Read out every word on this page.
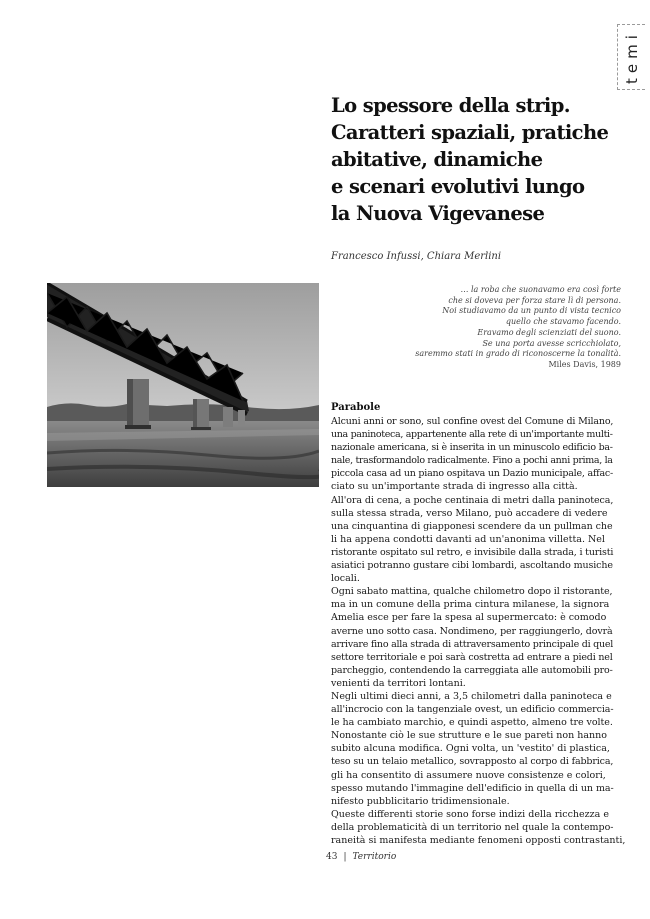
temi
Lo spessore della strip.
Caratteri spaziali, pratiche
abitative, dinamiche
e scenari evolutivi lungo
la Nuova Vigevanese
Francesco Infussi, Chiara Merlini
… la roba che suonavamo era così forte
che si doveva per forza stare lì di persona.
Noi studiavamo da un punto di vista tecnico
quello che stavamo facendo.
Eravamo degli scienziati del suono.
Se una porta avesse scricchiolato,
saremmo stati in grado di riconoscerne la tonalità.
Miles Davis, 1989
Parabole
Alcuni anni or sono, sul confine ovest del Comune di Milano,
una paninoteca, appartenente alla rete di un'importante multi-
nazionale americana, si è inserita in un minuscolo edificio ba-
nale, trasformandolo radicalmente. Fino a pochi anni prima, la
piccola casa ad un piano ospitava un Dazio municipale, affac-
ciato su un'importante strada di ingresso alla città.
All'ora di cena, a poche centinaia di metri dalla paninoteca,
sulla stessa strada, verso Milano, può accadere di vedere
una cinquantina di giapponesi scendere da un pullman che
li ha appena condotti davanti ad un'anonima villetta. Nel
ristorante ospitato sul retro, e invisibile dalla strada, i turisti
asiatici potranno gustare cibi lombardi, ascoltando musiche
locali.
Ogni sabato mattina, qualche chilometro dopo il ristorante,
ma in un comune della prima cintura milanese, la signora
Amelia esce per fare la spesa al supermercato: è comodo
averne uno sotto casa. Nondimeno, per raggiungerlo, dovrà
arrivare fino alla strada di attraversamento principale di quel
settore territoriale e poi sarà costretta ad entrare a piedi nel
parcheggio, contendendo la carreggiata alle automobili pro-
venienti da territori lontani.
Negli ultimi dieci anni, a 3,5 chilometri dalla paninoteca e
all'incrocio con la tangenziale ovest, un edificio commercia-
le ha cambiato marchio, e quindi aspetto, almeno tre volte.
Nonostante ciò le sue strutture e le sue pareti non hanno
subito alcuna modifica. Ogni volta, un 'vestito' di plastica,
teso su un telaio metallico, sovrapposto al corpo di fabbrica,
gli ha consentito di assumere nuove consistenze e colori,
spesso mutando l'immagine dell'edificio in quella di un ma-
nifesto pubblicitario tridimensionale.
Queste differenti storie sono forse indizi della ricchezza e
della problematicità di un territorio nel quale la contempo-
raneità si manifesta mediante fenomeni opposti contrastanti,
43 | Territorio
